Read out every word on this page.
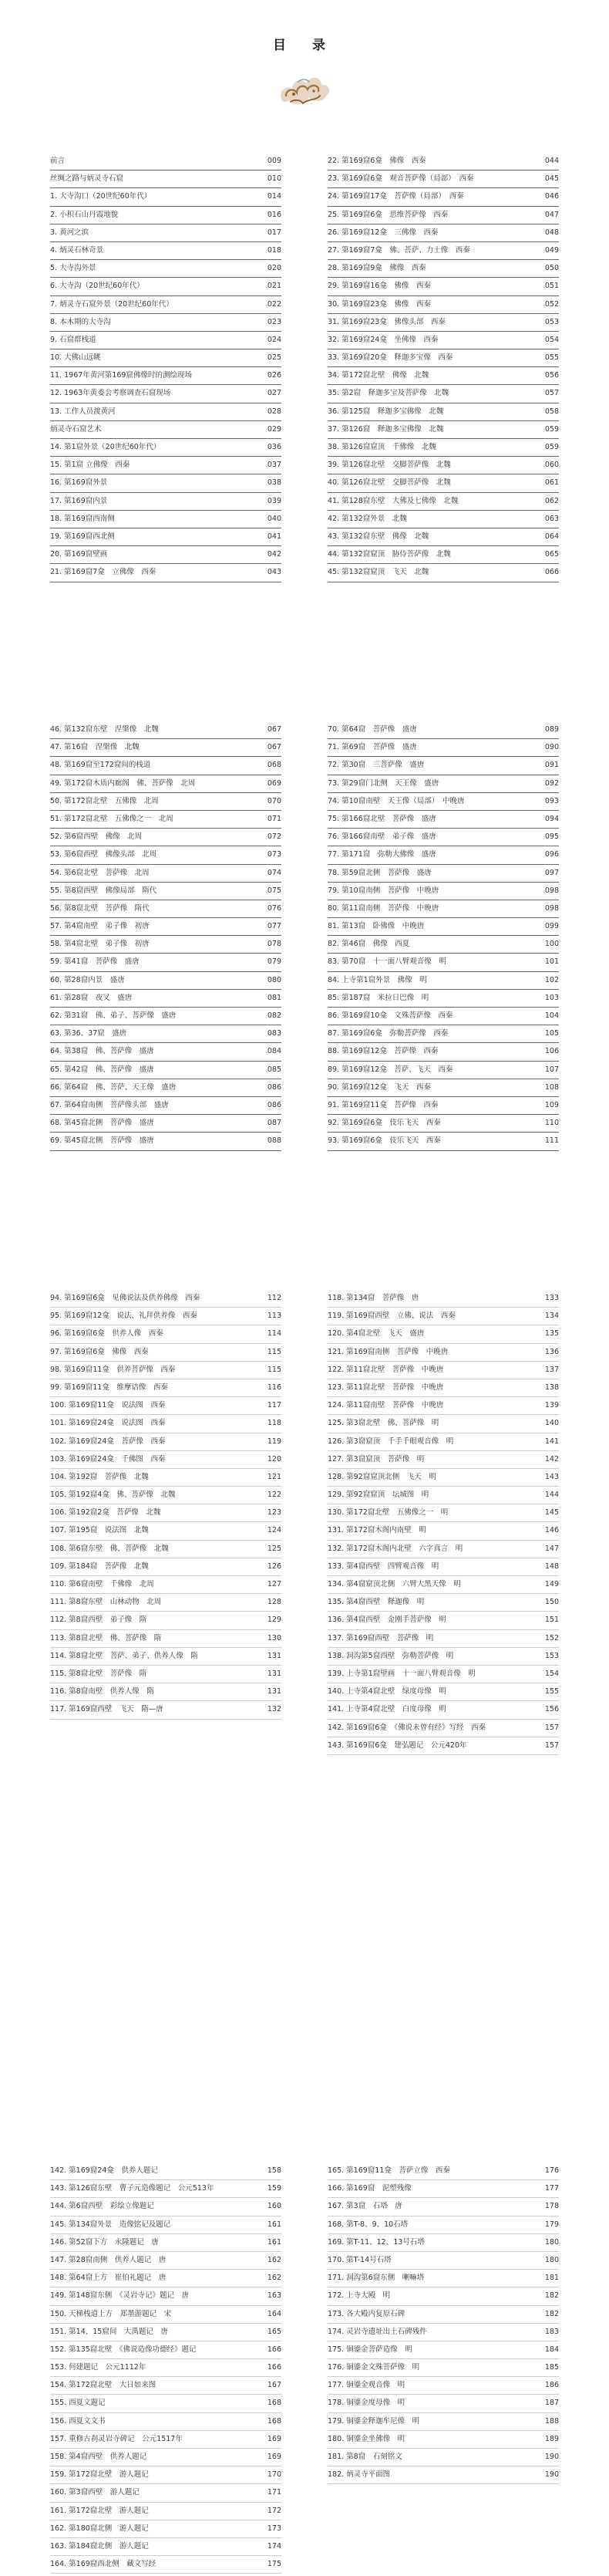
目 录
前言	009
丝绸之路与炳灵寺石窟	010
1. 大寺沟口（20世纪60年代）	014
2. 小积石山丹霞地貌	016
3. 黄河之滨	017
4. 炳灵石林奇景	018
5. 大寺沟外景	020
6. 大寺沟（20世纪60年代）	021
7. 炳灵寺石窟外景（20世纪60年代）	022
8. 本木期的大寺沟	023
9. 石窟群栈道	024
10. 大佛山远眺	025
11. 1967年黄河第169窟佛像时的测绘现场	026
12. 1963年黄委会考察调查石窟现场	027
13. 工作人员渡黄河	028
炳灵寺石窟艺术	029
14. 第1窟外景（20世纪60年代）	036
15. 第1窟 立佛像　西秦	037
16. 第169窟外景	038
17. 第169窟内景	039
18. 第169窟西南侧	040
19. 第169窟西北侧	041
20. 第169窟壁画	042
21. 第169窟7龛　立佛像　西秦	043
22. 第169窟6龛　佛像　西秦	044
23. 第169窟6龛　观音菩萨像（局部）　西秦	045
24. 第169窟17龛　菩萨像（局部）　西秦	046
25. 第169窟6龛　思维菩萨像　西秦	047
26. 第169窟12龛　三佛像　西秦	048
27. 第169窟7龛　佛、菩萨、力士像　西秦	049
28. 第169窟9龛　佛像　西秦	050
29. 第169窟16龛　佛像　西秦	051
30. 第169窟23龛　佛像　西秦	052
31. 第169窟23龛　佛像头部　西秦	053
32. 第169窟24龛　坐佛像　西秦	054
33. 第169窟20龛　释迦多宝像　西秦	055
34. 第172窟北壁　佛像　北魏	056
35. 第2窟　释迦多宝及菩萨像　北魏	057
36. 第125窟　释迦多宝佛像　北魏	058
37. 第126窟　释迦多宝佛像　北魏	059
38. 第126窟窟顶　千佛像　北魏	059
39. 第126窟北壁　交脚菩萨像　北魏	060
40. 第126窟北壁　交脚菩萨像　北魏	061
41. 第128窟东壁　大佛及七佛像　北魏	062
42. 第132窟外景　北魏	063
43. 第132窟东壁　佛像　北魏	064
44. 第132窟窟顶　胁侍菩萨像　北魏	065
45. 第132窟窟顶　飞天　北魏	066
46. 第132窟东壁　涅槃像　北魏	067
47. 第16窟　涅槃像　北魏	067
48. 第169窟至172窟间的栈道	068
49. 第172窟木质内廊阁　佛、菩萨像　北周	069
50. 第172窟北壁　五佛像　北周	070
51. 第172窟北壁　五佛像之一　北周	071
52. 第6窟西壁　佛像　北周	072
53. 第6窟西壁　佛像头部　北周	073
54. 第6窟北壁　菩萨像　北周	074
55. 第8窟西壁　佛像局部　隋代	075
56. 第8窟北壁　菩萨像　隋代	076
57. 第4窟南壁　弟子像　初唐	077
58. 第4窟北壁　弟子像　初唐	078
59. 第41窟　菩萨像　盛唐	079
60. 第28窟内景　盛唐	080
61. 第28窟　夜叉　盛唐	081
62. 第31窟　佛、弟子、菩萨像　盛唐	082
63. 第36、37窟　盛唐	083
64. 第38窟　佛、菩萨像　盛唐	084
65. 第42窟　佛、菩萨像　盛唐	085
66. 第64窟　佛、菩萨、天王像　盛唐	086
67. 第64窟南侧　菩萨像头部　盛唐	086
68. 第45窟北侧　菩萨像　盛唐	087
69. 第45窟北侧　菩萨像　盛唐	088
70. 第64窟　菩萨像　盛唐	089
71. 第69窟　菩萨像　盛唐	090
72. 第30窟　三菩萨像　盛唐	091
73. 第29窟门北侧　天王像　盛唐	092
74. 第10窟南壁　天王像（局部）　中晚唐	093
75. 第166窟北壁　菩萨像　盛唐	094
76. 第166窟南壁　弟子像　盛唐	095
77. 第171窟　弥勒大佛像　盛唐	096
78. 第59窟北侧　菩萨像　盛唐	097
79. 第10窟南侧　菩萨像　中晚唐	098
80. 第11窟南侧　菩萨像　中晚唐	098
81. 第13窟　卧佛像　中晚唐	099
82. 第46窟　佛像　西夏	100
83. 第70窟　十一面八臂观音像　明	101
84. 上寺第1窟外景　佛像　明	102
85. 第187窟　米拉日巴像　明	103
86. 第169窟10龛　文殊菩萨像　西秦	104
87. 第169窟6龛　弥勒菩萨像　西秦	105
88. 第169窟12龛　菩萨像　西秦	106
89. 第169窟12龛　菩萨、飞天　西秦	107
90. 第169窟12龛　飞天　西秦	108
91. 第169窟11龛　菩萨像　西秦	109
92. 第169窟6龛　伎乐飞天　西秦	110
93. 第169窟6龛　伎乐飞天　西秦	111
94. 第169窟6龛　见佛说法及供养佛像　西秦	112
95. 第169窟12龛　说法、礼拜供养像　西秦	113
96. 第169窟6龛　供养人像　西秦	114
97. 第169窟6龛　佛像　西秦	115
98. 第169窟11龛　供养菩萨像　西秦	115
99. 第169窟11龛　维摩诘像　西秦	116
100. 第169窟11龛　说法图　西秦	117
101. 第169窟24龛　说法图　西秦	118
102. 第169窟24龛　菩萨像　西秦	119
103. 第169窟24龛　千佛图　西秦	120
104. 第192窟　菩萨像　北魏	121
105. 第192窟4龛　佛、菩萨像　北魏	122
106. 第192窟2龛　菩萨像　北魏	123
107. 第195窟　说法图　北魏	124
108. 第6窟东壁　佛、菩萨像　北魏	125
109. 第184窟　菩萨像　北魏	126
110. 第6窟南壁　千佛像　北周	127
111. 第8窟东壁　山林动物　北周	128
112. 第8窟西壁　弟子像　隋	129
113. 第8窟北壁　佛、菩萨像　隋	130
114. 第8窟北壁　菩萨、弟子、供养人像　隋	131
115. 第8窟北壁　菩萨像　隋	131
116. 第8窟南壁　供养人像　隋	131
117. 第169窟西壁　飞天　隋—唐	132
118. 第134窟　菩萨像　唐	133
119. 第169窟西壁　立佛、说法　西秦	134
120. 第4窟北壁　飞天　盛唐	135
121. 第169窟南侧　菩萨像　中晚唐	136
122. 第11窟北壁　菩萨像　中晚唐	137
123. 第11窟北壁　菩萨像　中晚唐	138
124. 第11窟南壁　菩萨像　中晚唐	139
125. 第3窟北壁　佛、菩萨像　明	140
126. 第3窟窟顶　千手千眼观音像　明	141
127. 第3窟窟顶　菩萨像　明	142
128. 第92窟窟顶北侧　飞天　明	143
129. 第92窟窟顶　坛城图　明	144
130. 第172窟北壁　五佛像之一　明	145
131. 第172窟木阁内南壁　明	146
132. 第172窟木阁内北壁　六字真言　明	147
133. 第4窟西壁　四臂观音像　明	148
134. 第4窟窟顶北侧　六臂大黑天像　明	149
135. 第4窟西壁　释迦像　明	150
136. 第4窟西壁　金刚手菩萨像　明	151
137. 第169窟西壁　菩萨像　明	152
138. 洞沟第5窟西壁　弥勒菩萨像　明	153
139. 上寺第1窟壁画　十一面八臂观音像　明	154
140. 上寺第4窟北壁　绿度母像　明	155
141. 上寺第4窟北壁　白度母像　明	156
142. 第169窟6龛　《佛说未曾有经》写经　西秦	157
143. 第169窟6龛　建弘题记　公元420年	157
142. 第169窟24龛　供养人题记	158
143. 第126窟东壁　曹子元造像题记　公元513年	159
144. 第6窟西壁　彩绘立像题记	160
145. 第134窟外景　造像铭记及题记	161
146. 第52窟下方　永隆题记　唐	161
147. 第28窟南侧　供养人题记　唐	162
148. 第64窟上方　崔伯礼题记　唐	162
149. 第148窟东侧　《灵岩寺记》题记　唐	163
150. 天梯栈道上方　郑墨游题记　宋	164
151. 第14、15窟间　大禹题记　唐	165
152. 第135窟北壁　《佛说造像功德经》题记	166
153. 何建题记　公元1112年	166
154. 第172窟北壁　大日如来图	167
155. 西夏文题记	168
156. 西夏文文书	168
157. 重修古刹灵岩寺碑记　公元1517年	169
158. 第4窟西壁　供养人题记	169
159. 第172窟北壁　游人题记	170
160. 第3窟西壁　游人题记	171
161. 第172窟北壁　游人题记	172
162. 第180窟北侧　游人题记	173
163. 第184窟北侧　游人题记	174
164. 第169窟西北侧　藏文写经	175
165. 第169窟11龛　菩萨立像　西秦	176
166. 第169窟　泥塑残像	177
167. 第3窟　石塔　唐	178
168. 第T-8、9、10石塔	179
169. 第T-11、12、13号石塔	180
170. 第T-14号石塔	180
171. 洞沟第6窟东侧　喇嘛塔	181
172. 上寺大殿　明	182
173. 各大殿内复原石碑	182
174. 灵岩寺遗址出土石碑残件	183
175. 铜鎏金菩萨造像　明	184
176. 铜鎏金文殊菩萨像　明	185
177. 铜鎏金观音像　明	186
178. 铜鎏金度母像　明	187
179. 铜鎏金释迦牟尼像　明	188
180. 铜鎏金坐佛像　明	189
181. 第8窟　石刻铭文	190
182. 炳灵寺平面图	190
